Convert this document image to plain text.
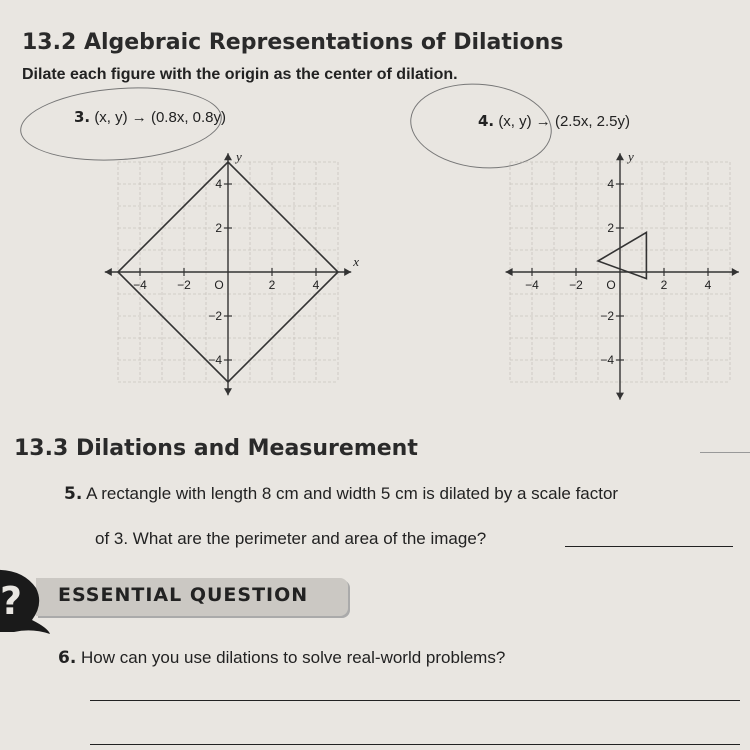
13.2 Algebraic Representations of Dilations
Dilate each figure with the origin as the center of dilation.
3. (x, y) → (0.8x, 0.8y)	4. (x, y) → (2.5x, 2.5y)
−4	−2 O	2	4
4
2
−2
−4
y
x
−4	−2 O	2	4
4
2
−2
−4
y
13.3 Dilations and Measurement
5. A rectangle with length 8 cm and width 5 cm is dilated by a scale factor
of 3. What are the perimeter and area of the image?
? ESSENTIAL QUESTION
6. How can you use dilations to solve real-world problems?
